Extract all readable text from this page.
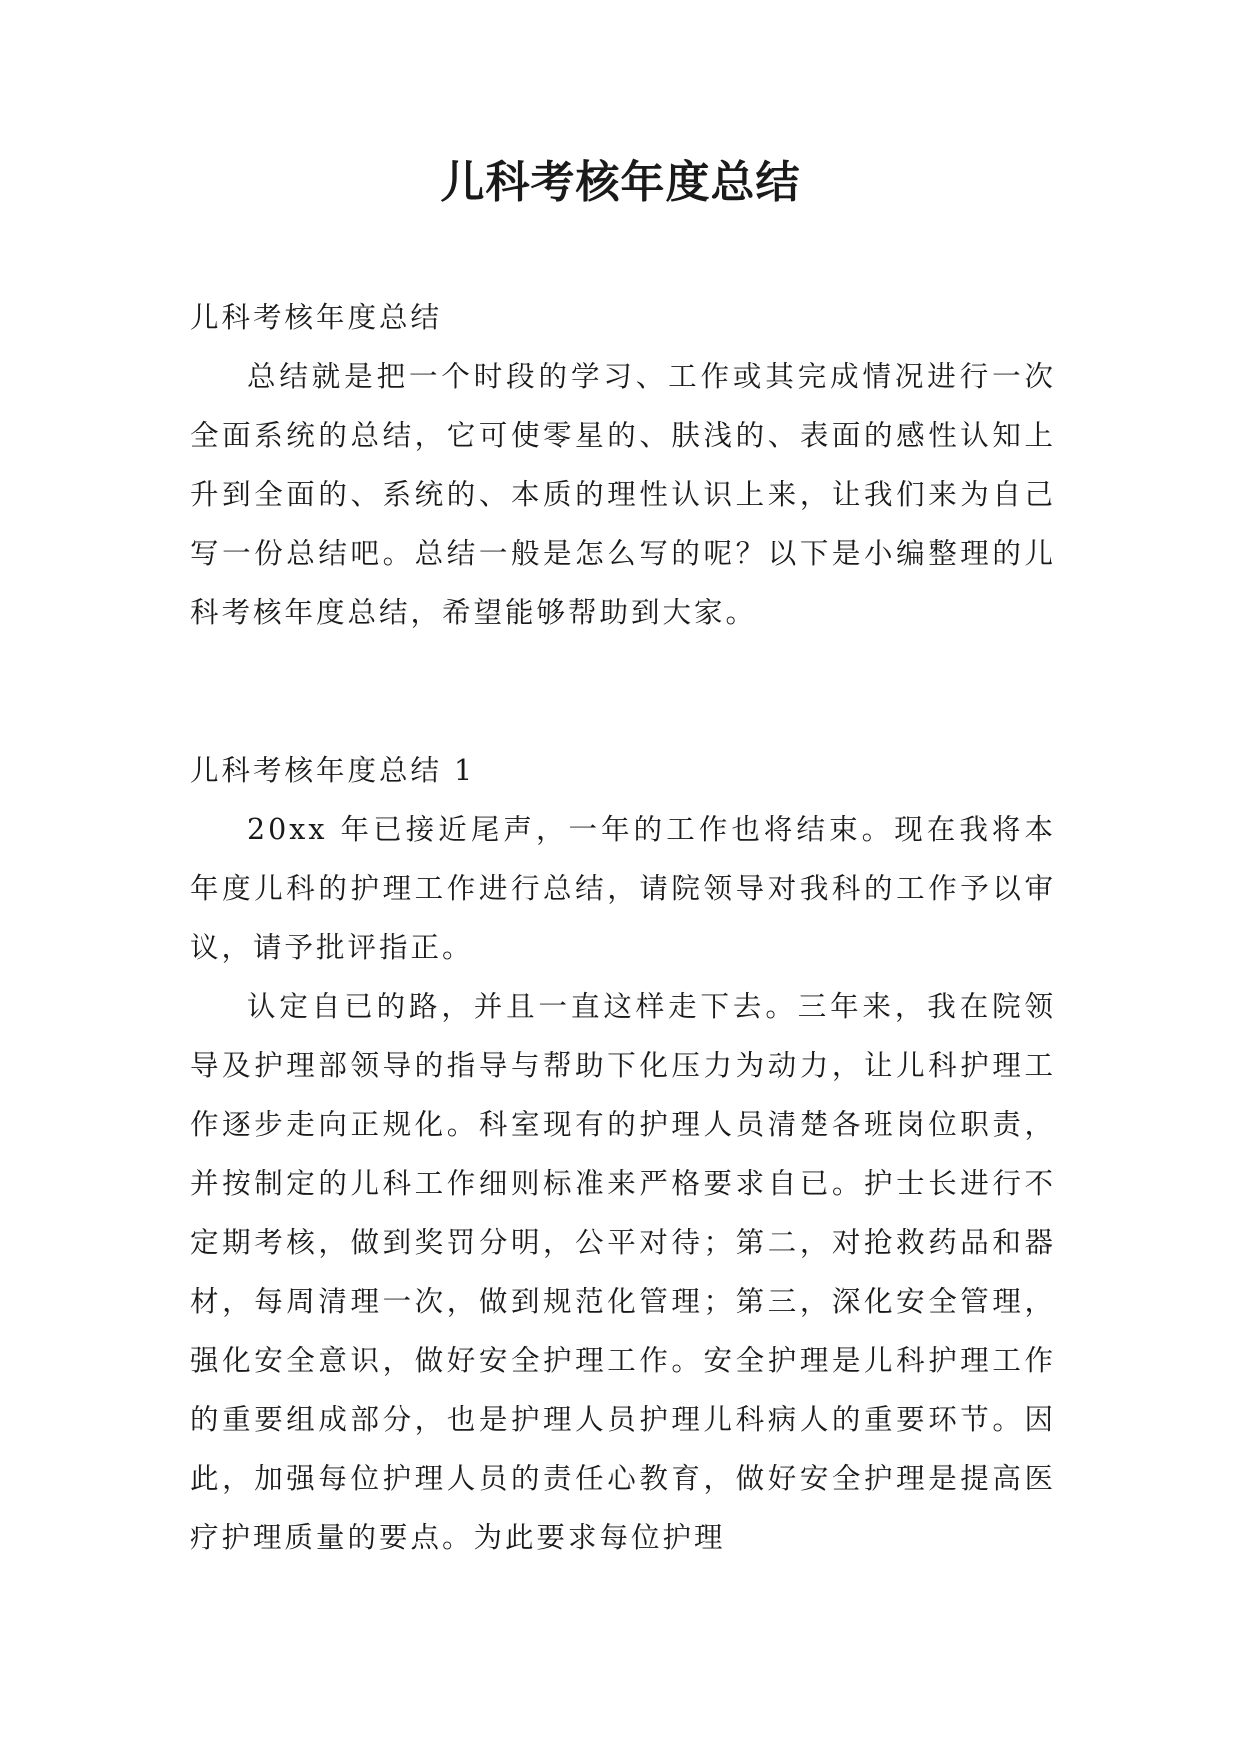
儿科考核年度总结

儿科考核年度总结

总结就是把一个时段的学习、工作或其完成情况进行一次全面系统的总结，它可使零星的、肤浅的、表面的感性认知上升到全面的、系统的、本质的理性认识上来，让我们来为自己写一份总结吧。总结一般是怎么写的呢？以下是小编整理的儿科考核年度总结，希望能够帮助到大家。

儿科考核年度总结 1

20xx 年已接近尾声，一年的工作也将结束。现在我将本年度儿科的护理工作进行总结，请院领导对我科的工作予以审议，请予批评指正。

认定自已的路，并且一直这样走下去。三年来，我在院领导及护理部领导的指导与帮助下化压力为动力，让儿科护理工作逐步走向正规化。科室现有的护理人员清楚各班岗位职责，并按制定的儿科工作细则标准来严格要求自已。护士长进行不定期考核，做到奖罚分明，公平对待；第二，对抢救药品和器材，每周清理一次，做到规范化管理；第三，深化安全管理，强化安全意识，做好安全护理工作。安全护理是儿科护理工作的重要组成部分，也是护理人员护理儿科病人的重要环节。因此，加强每位护理人员的责任心教育，做好安全护理是提高医疗护理质量的要点。为此要求每位护理
